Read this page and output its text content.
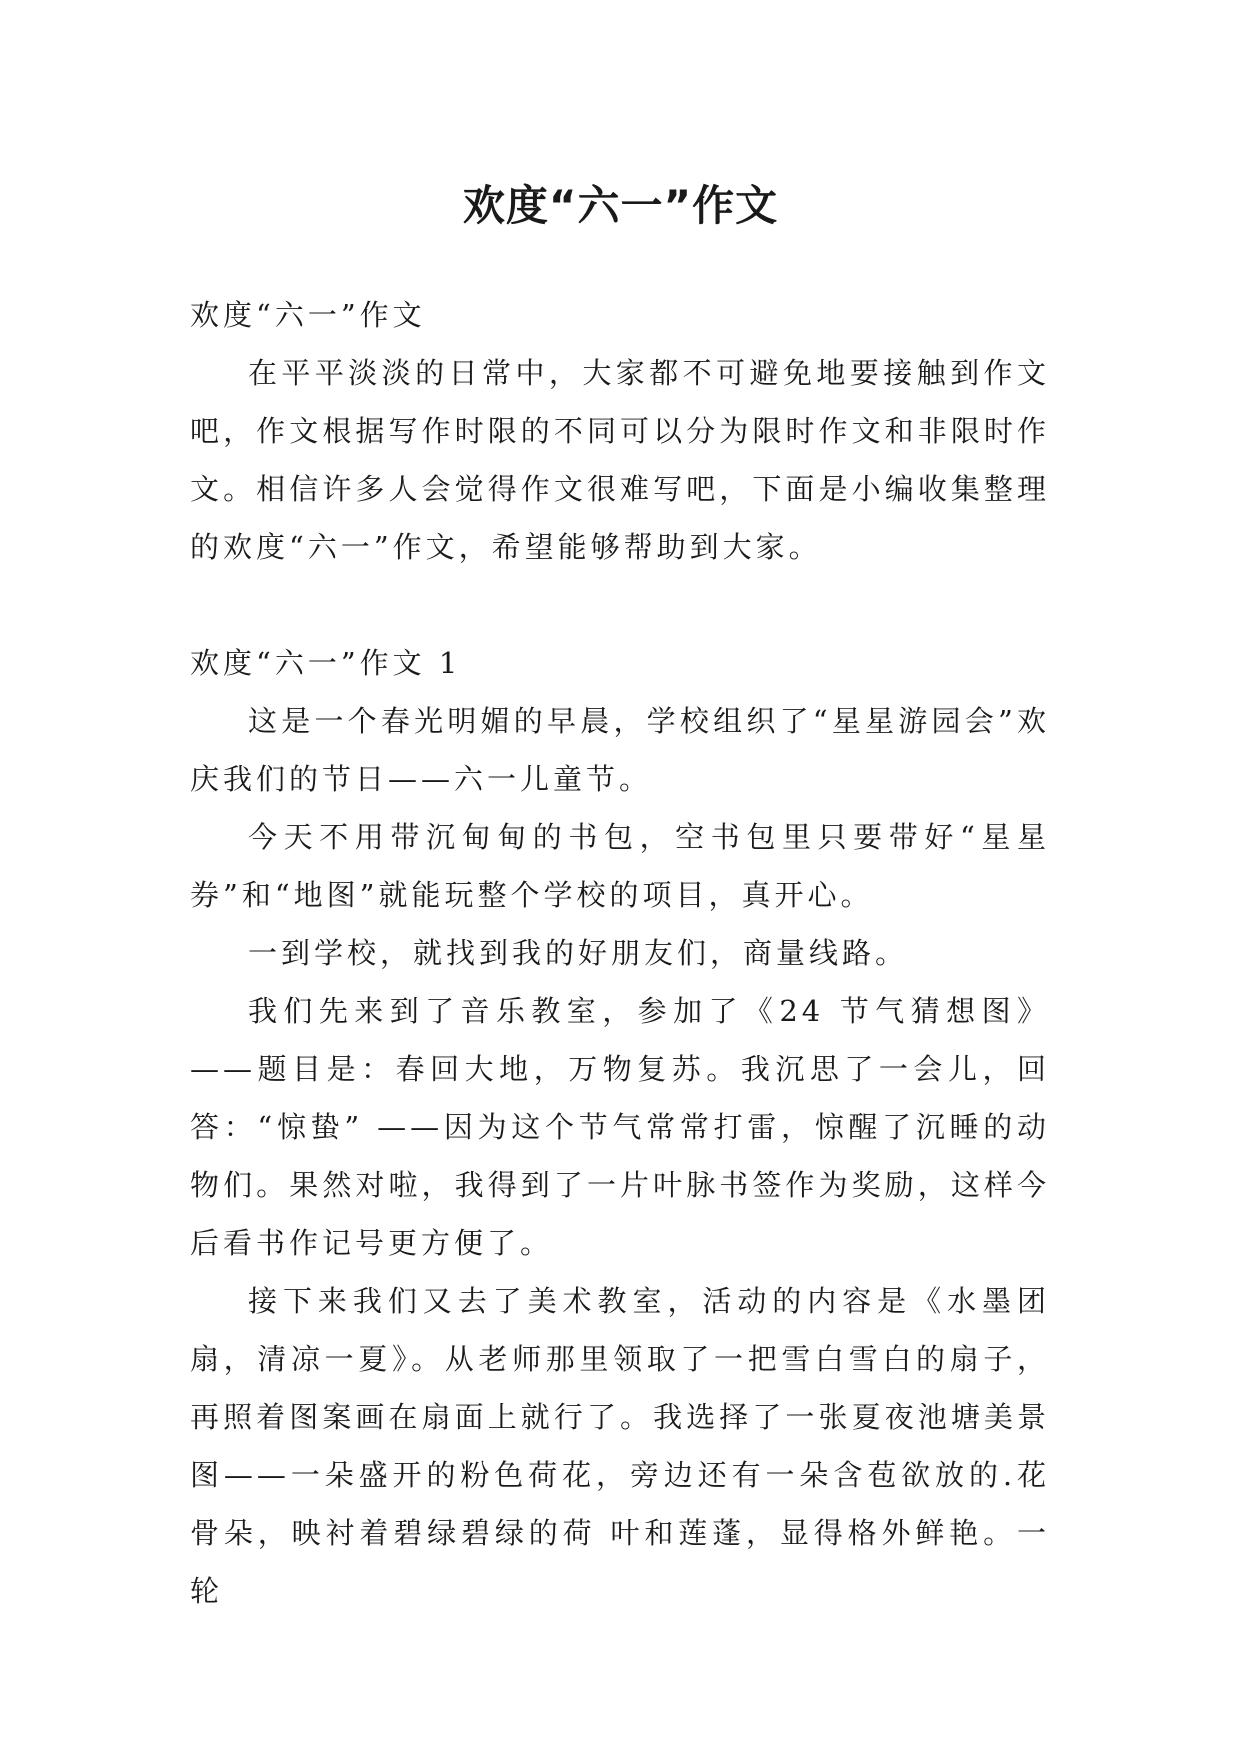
欢度“六一”作文

欢度“六一”作文

在平平淡淡的日常中，大家都不可避免地要接触到作文吧，作文根据写作时限的不同可以分为限时作文和非限时作文。相信许多人会觉得作文很难写吧，下面是小编收集整理的欢度“六一”作文，希望能够帮助到大家。

欢度“六一”作文 1

这是一个春光明媚的早晨，学校组织了“星星游园会”欢庆我们的节日——六一儿童节。

今天不用带沉甸甸的书包，空书包里只要带好“星星券”和“地图”就能玩整个学校的项目，真开心。

一到学校，就找到我的好朋友们，商量线路。

我们先来到了音乐教室，参加了《24 节气猜想图》——题目是：春回大地，万物复苏。我沉思了一会儿，回答：“惊蛰” ——因为这个节气常常打雷，惊醒了沉睡的动物们。果然对啦，我得到了一片叶脉书签作为奖励，这样今后看书作记号更方便了。

接下来我们又去了美术教室，活动的内容是《水墨团扇，清凉一夏》。从老师那里领取了一把雪白雪白的扇子，再照着图案画在扇面上就行了。我选择了一张夏夜池塘美景图——一朵盛开的粉色荷花，旁边还有一朵含苞欲放的.花骨朵，映衬着碧绿碧绿的荷 叶和莲蓬，显得格外鲜艳。一轮
